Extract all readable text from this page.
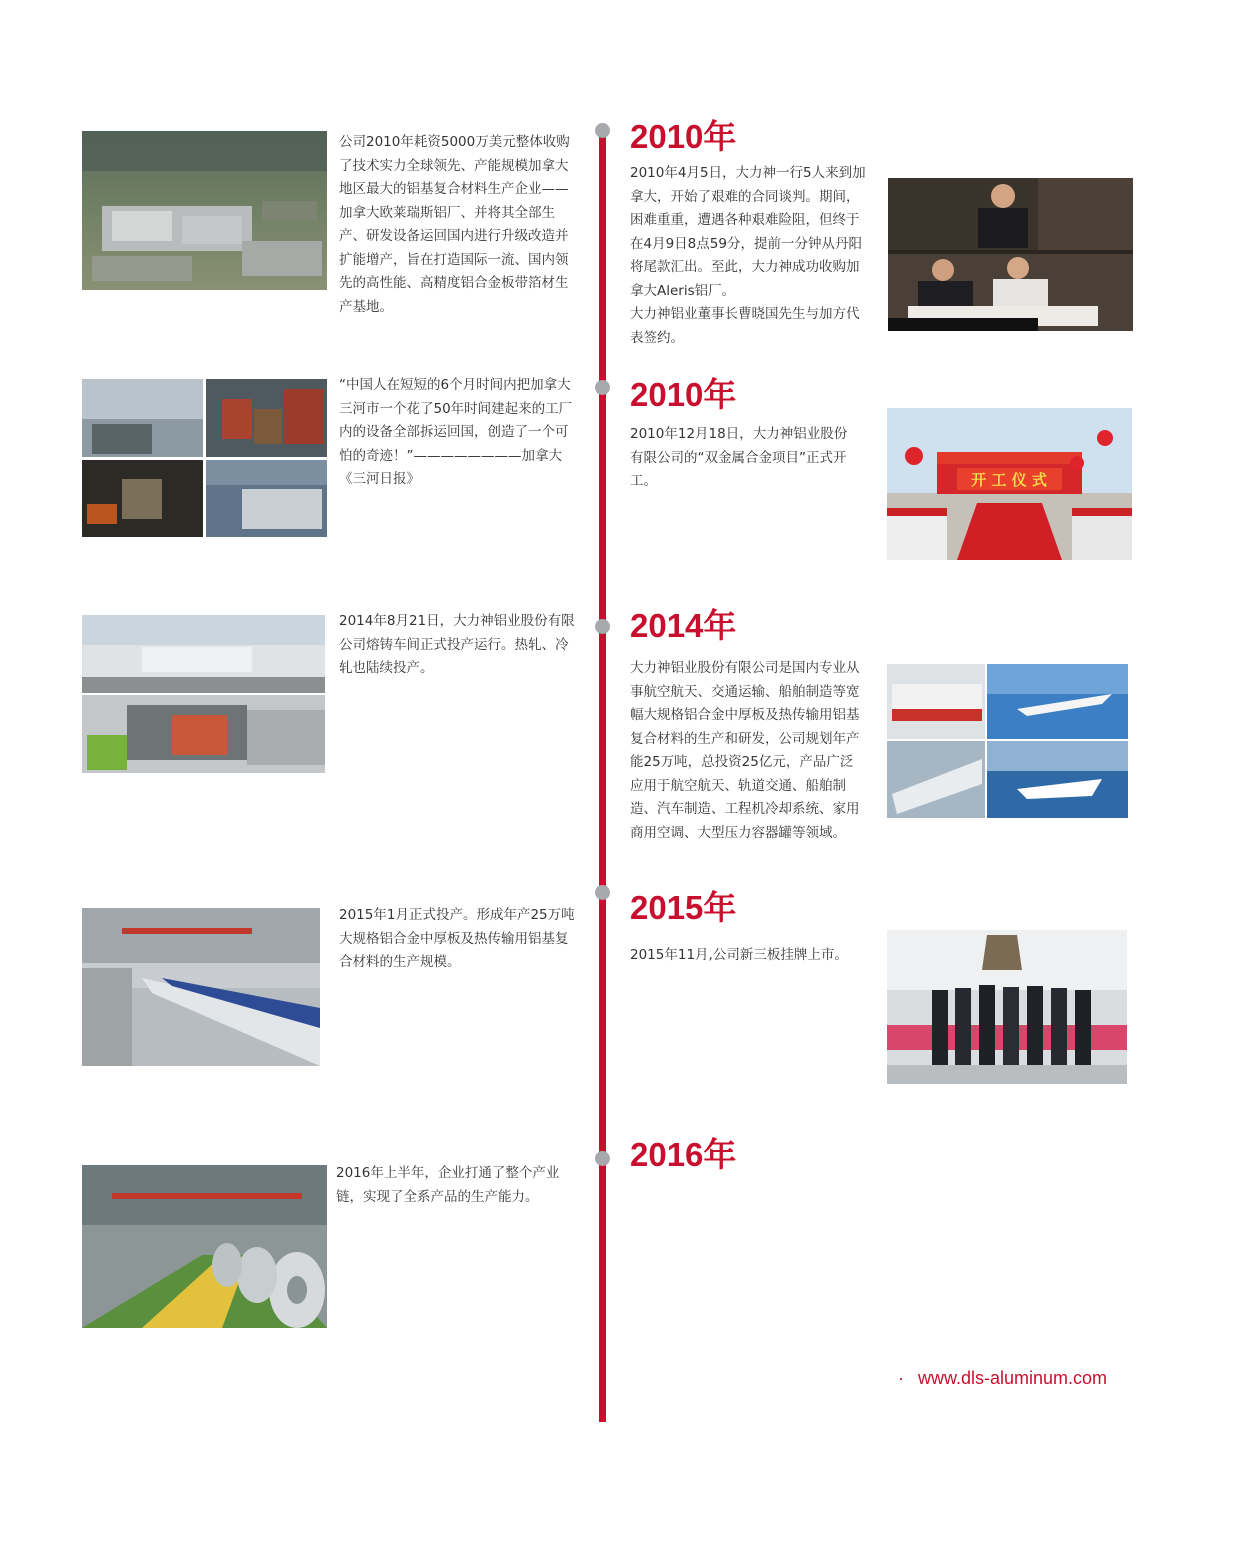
2010年
公司2010年耗资5000万美元整体收购了技术实力全球领先、产能规模加拿大地区最大的铝基复合材料生产企业——加拿大欧莱瑞斯铝厂、并将其全部生产、研发设备运回国内进行升级改造并扩能增产，旨在打造国际一流、国内领先的高性能、高精度铝合金板带箔材生产基地。
2010年4月5日，大力神一行5人来到加拿大，开始了艰难的合同谈判。期间，困难重重，遭遇各种艰难险阻，但终于在4月9日8点59分，提前一分钟从丹阳将尾款汇出。至此，大力神成功收购加拿大Aleris铝厂。
大力神铝业董事长曹晓国先生与加方代表签约。
2010年
“中国人在短短的6个月时间内把加拿大三河市一个花了50年时间建起来的工厂内的设备全部拆运回国，创造了一个可怕的奇迹！”————————加拿大《三河日报》
2010年12月18日，大力神铝业股份有限公司的“双金属合金项目”正式开工。	开 工 仪 式
2014年
2014年8月21日，大力神铝业股份有限公司熔铸车间正式投产运行。热轧、冷轧也陆续投产。	大力神铝业股份有限公司是国内专业从事航空航天、交通运输、船舶制造等宽幅大规格铝合金中厚板及热传输用铝基复合材料的生产和研发，公司规划年产能25万吨，总投资25亿元，产品广泛应用于航空航天、轨道交通、船舶制造、汽车制造、工程机冷却系统、家用商用空调、大型压力容器罐等领域。
2015年
2015年1月正式投产。形成年产25万吨大规格铝合金中厚板及热传输用铝基复合材料的生产规模。	2015年11月,公司新三板挂牌上市。
2016年
2016年上半年，企业打通了整个产业链，实现了全系产品的生产能力。
· www.dls-aluminum.com
